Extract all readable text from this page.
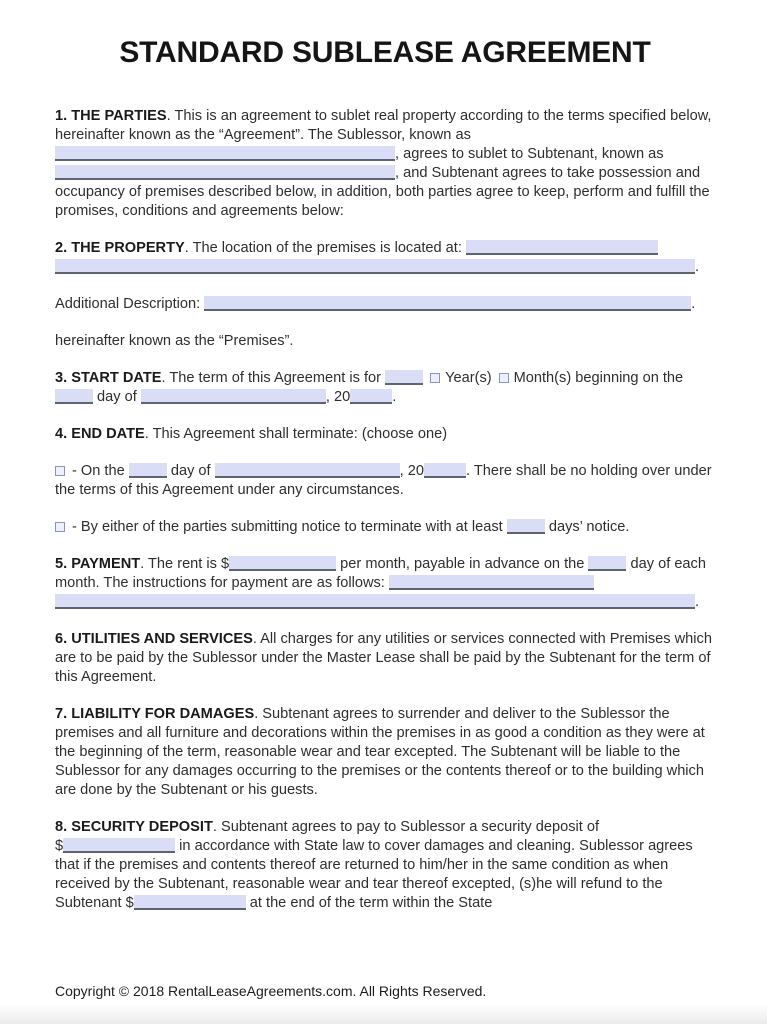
STANDARD SUBLEASE AGREEMENT

1. THE PARTIES. This is an agreement to sublet real property according to the terms specified below, hereinafter known as the “Agreement”. The Sublessor, known as , agrees to sublet to Subtenant, known as , and Subtenant agrees to take possession and occupancy of premises described below, in addition, both parties agree to keep, perform and fulfill the promises, conditions and agreements below:

2. THE PROPERTY. The location of the premises is located at: .

Additional Description:	.

hereinafter known as the “Premises”.

3. START DATE. The term of this Agreement is for	Year(s) Month(s) beginning on the  day of	, 20	.

4. END DATE. This Agreement shall terminate: (choose one)

- On the	day of	, 20	. There shall be no holding over under the terms of this Agreement under any circumstances.

- By either of the parties submitting notice to terminate with at least	days’ notice.

5. PAYMENT. The rent is $	per month, payable in advance on the	day of each month. The instructions for payment are as follows: .

6. UTILITIES AND SERVICES. All charges for any utilities or services connected with Premises which are to be paid by the Sublessor under the Master Lease shall be paid by the Subtenant for the term of this Agreement.

7. LIABILITY FOR DAMAGES. Subtenant agrees to surrender and deliver to the Sublessor the premises and all furniture and decorations within the premises in as good a condition as they were at the beginning of the term, reasonable wear and tear excepted. The Subtenant will be liable to the Sublessor for any damages occurring to the premises or the contents thereof or to the building which are done by the Subtenant or his guests.

8. SECURITY DEPOSIT. Subtenant agrees to pay to Sublessor a security deposit of $	in accordance with State law to cover damages and cleaning. Sublessor agrees that if the premises and contents thereof are returned to him/her in the same condition as when received by the Subtenant, reasonable wear and tear thereof excepted, (s)he will refund to the Subtenant $	at the end of the term within the State

Copyright © 2018 RentalLeaseAgreements.com. All Rights Reserved.
